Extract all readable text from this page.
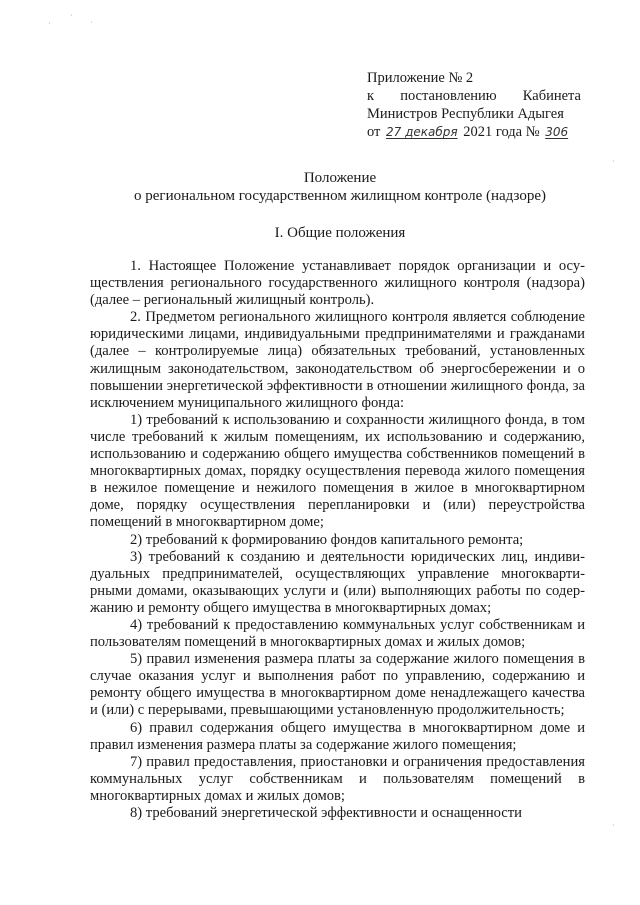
·
· ˌ
·
·
Приложение № 2
к постановлению Кабинета
Министров Республики Адыгея
от 27 декабря 2021 года № 306
Положение
о региональном государственном жилищном контроле (надзоре)
I. Общие положения

1. Настоящее Положение устанавливает порядок организации и осуществления регионального государственного жилищного контроля (надзора) (далее – региональный жилищный контроль).

2. Предметом регионального жилищного контроля является соблюдение юридическими лицами, индивидуальными предпринимателями и гражданами (далее – контролируемые лица) обязательных требований, установленных жилищным законодательством, законодательством об энергосбережении и о повышении энергетической эффективности в отношении жилищного фонда, за исключением муниципального жилищного фонда:

1) требований к использованию и сохранности жилищного фонда, в том числе требований к жилым помещениям, их использованию и содержанию, использованию и содержанию общего имущества собственников помещений в многоквартирных домах, порядку осуществления перевода жилого помещения в нежилое помещение и нежилого помещения в жилое в многоквартирном доме, порядку осуществления перепланировки и (или) переустройства помещений в многоквартирном доме;

2) требований к формированию фондов капитального ремонта;

3) требований к созданию и деятельности юридических лиц, индивидуальных предпринимателей, осуществляющих управление многоквартирными домами, оказывающих услуги и (или) выполняющих работы по содержанию и ремонту общего имущества в многоквартирных домах;

4) требований к предоставлению коммунальных услуг собственникам и пользователям помещений в многоквартирных домах и жилых домов;

5) правил изменения размера платы за содержание жилого помещения в случае оказания услуг и выполнения работ по управлению, содержанию и ремонту общего имущества в многоквартирном доме ненадлежащего качества и (или) с перерывами, превышающими установленную продолжительность;

6) правил содержания общего имущества в многоквартирном доме и правил изменения размера платы за содержание жилого помещения;

7) правил предоставления, приостановки и ограничения предоставления коммунальных услуг собственникам и пользователям помещений в многоквартирных домах и жилых домов;

8) требований энергетической эффективности и оснащенности
